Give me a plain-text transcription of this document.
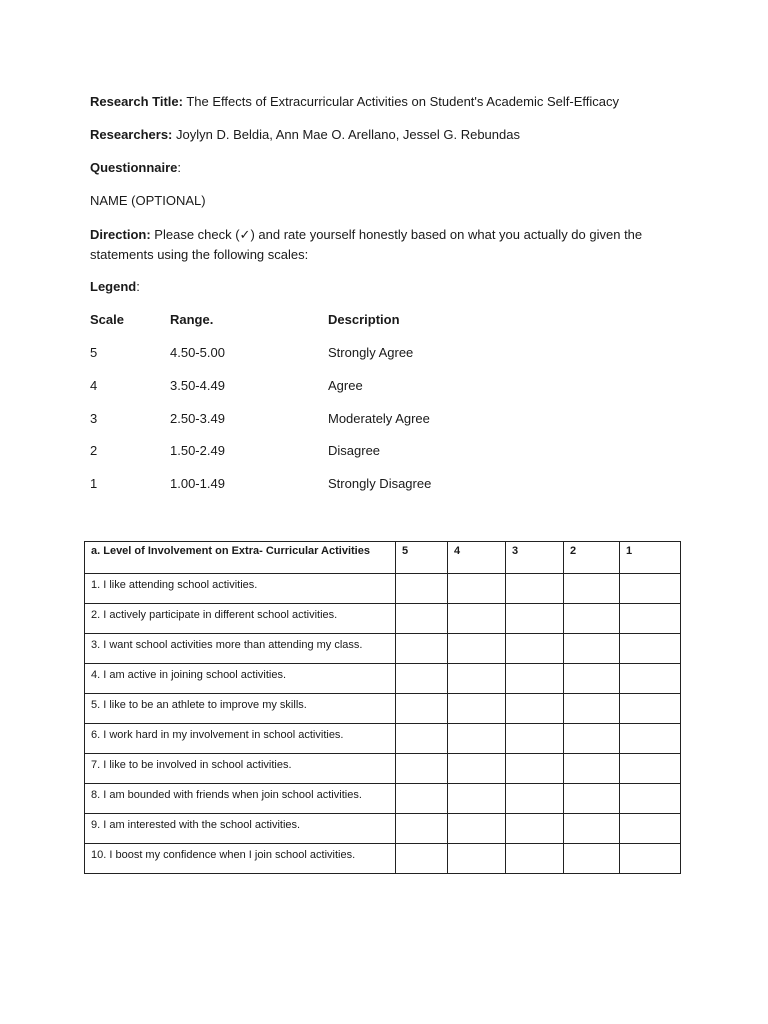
Research Title: The Effects of Extracurricular Activities on Student's Academic Self-Efficacy
Researchers: Joylyn D. Beldia, Ann Mae O. Arellano, Jessel G. Rebundas
Questionnaire:
NAME (OPTIONAL)
Direction: Please check (✓) and rate yourself honestly based on what you actually do given the statements using the following scales:
Legend:
Scale	Range.	Description
5	4.50-5.00	Strongly Agree
4	3.50-4.49	Agree
3	2.50-3.49	Moderately Agree
2	1.50-2.49	Disagree
1	1.00-1.49	Strongly Disagree
a. Level of Involvement on Extra- Curricular Activities	5	4	3	2	1
1. I like attending school activities.					
2. I actively participate in different school activities.					
3. I want school activities more than attending my class.					
4. I am active in joining school activities.					
5. I like to be an athlete to improve my skills.					
6. I work hard in my involvement in school activities.					
7. I like to be involved in school activities.					
8. I am bounded with friends when join school activities.					
9. I am interested with the school activities.					
10. I boost my confidence when I join school activities.					
